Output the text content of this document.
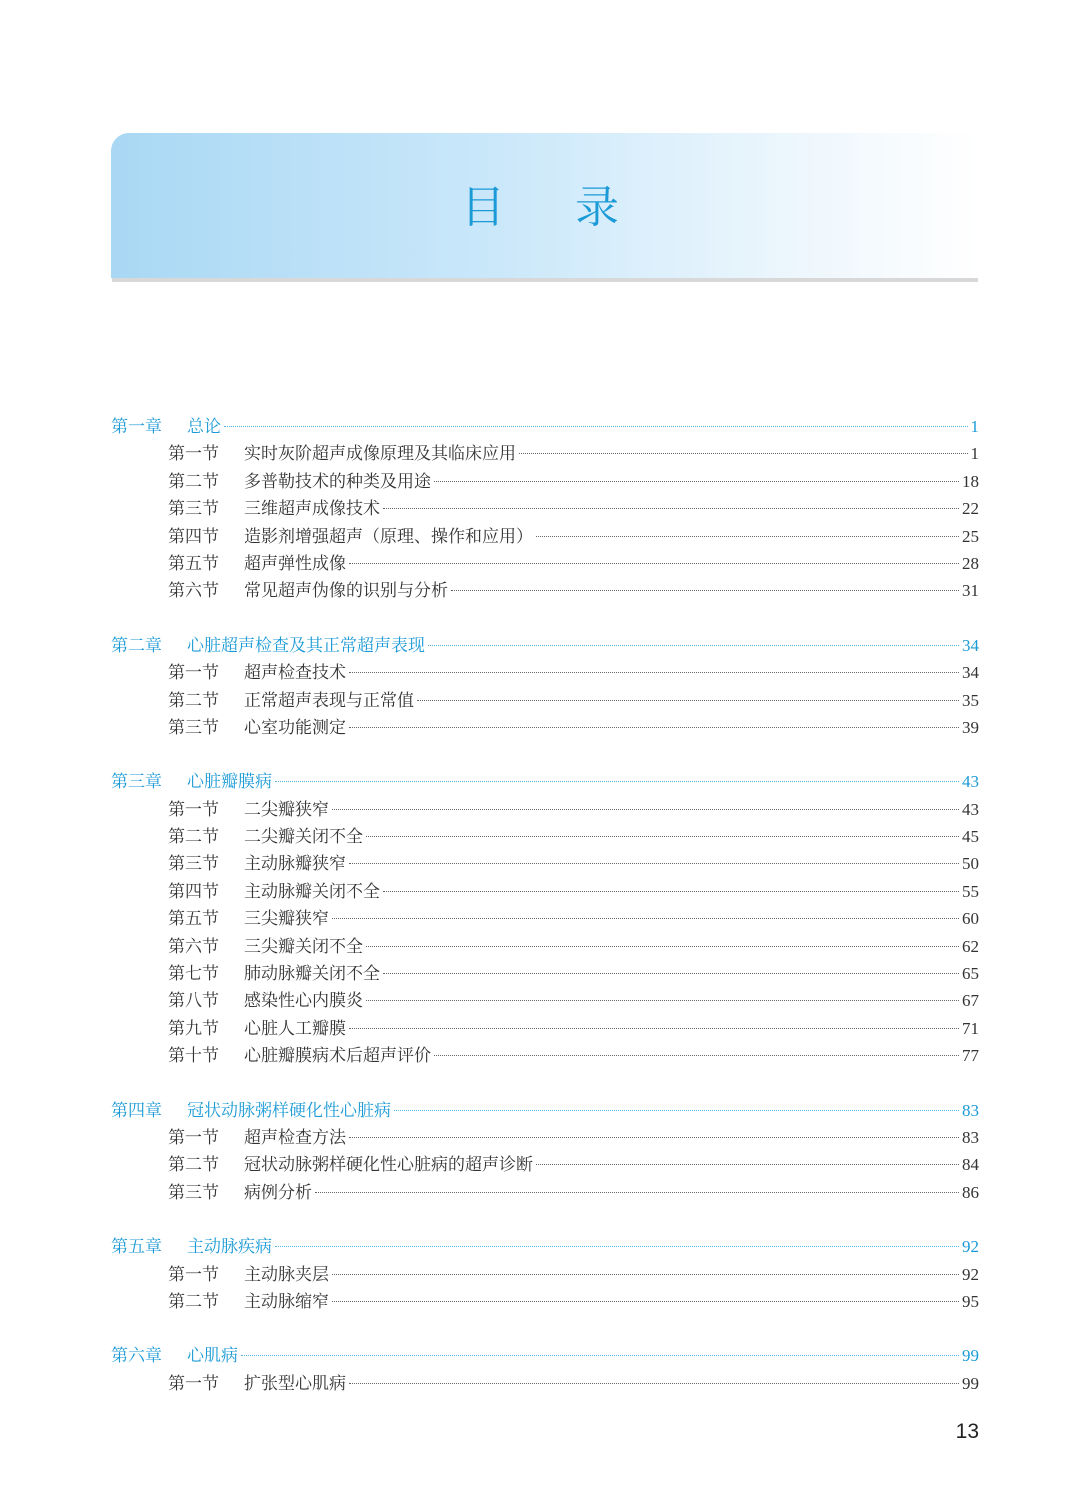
目 录
第一章	总论	1
第一节	实时灰阶超声成像原理及其临床应用	1
第二节	多普勒技术的种类及用途	18
第三节	三维超声成像技术	22
第四节	造影剂增强超声（原理、操作和应用）	25
第五节	超声弹性成像	28
第六节	常见超声伪像的识别与分析	31
第二章	心脏超声检查及其正常超声表现	34
第一节	超声检查技术	34
第二节	正常超声表现与正常值	35
第三节	心室功能测定	39
第三章	心脏瓣膜病	43
第一节	二尖瓣狭窄	43
第二节	二尖瓣关闭不全	45
第三节	主动脉瓣狭窄	50
第四节	主动脉瓣关闭不全	55
第五节	三尖瓣狭窄	60
第六节	三尖瓣关闭不全	62
第七节	肺动脉瓣关闭不全	65
第八节	感染性心内膜炎	67
第九节	心脏人工瓣膜	71
第十节	心脏瓣膜病术后超声评价	77
第四章	冠状动脉粥样硬化性心脏病	83
第一节	超声检查方法	83
第二节	冠状动脉粥样硬化性心脏病的超声诊断	84
第三节	病例分析	86
第五章	主动脉疾病	92
第一节	主动脉夹层	92
第二节	主动脉缩窄	95
第六章	心肌病	99
第一节	扩张型心肌病	99
13
